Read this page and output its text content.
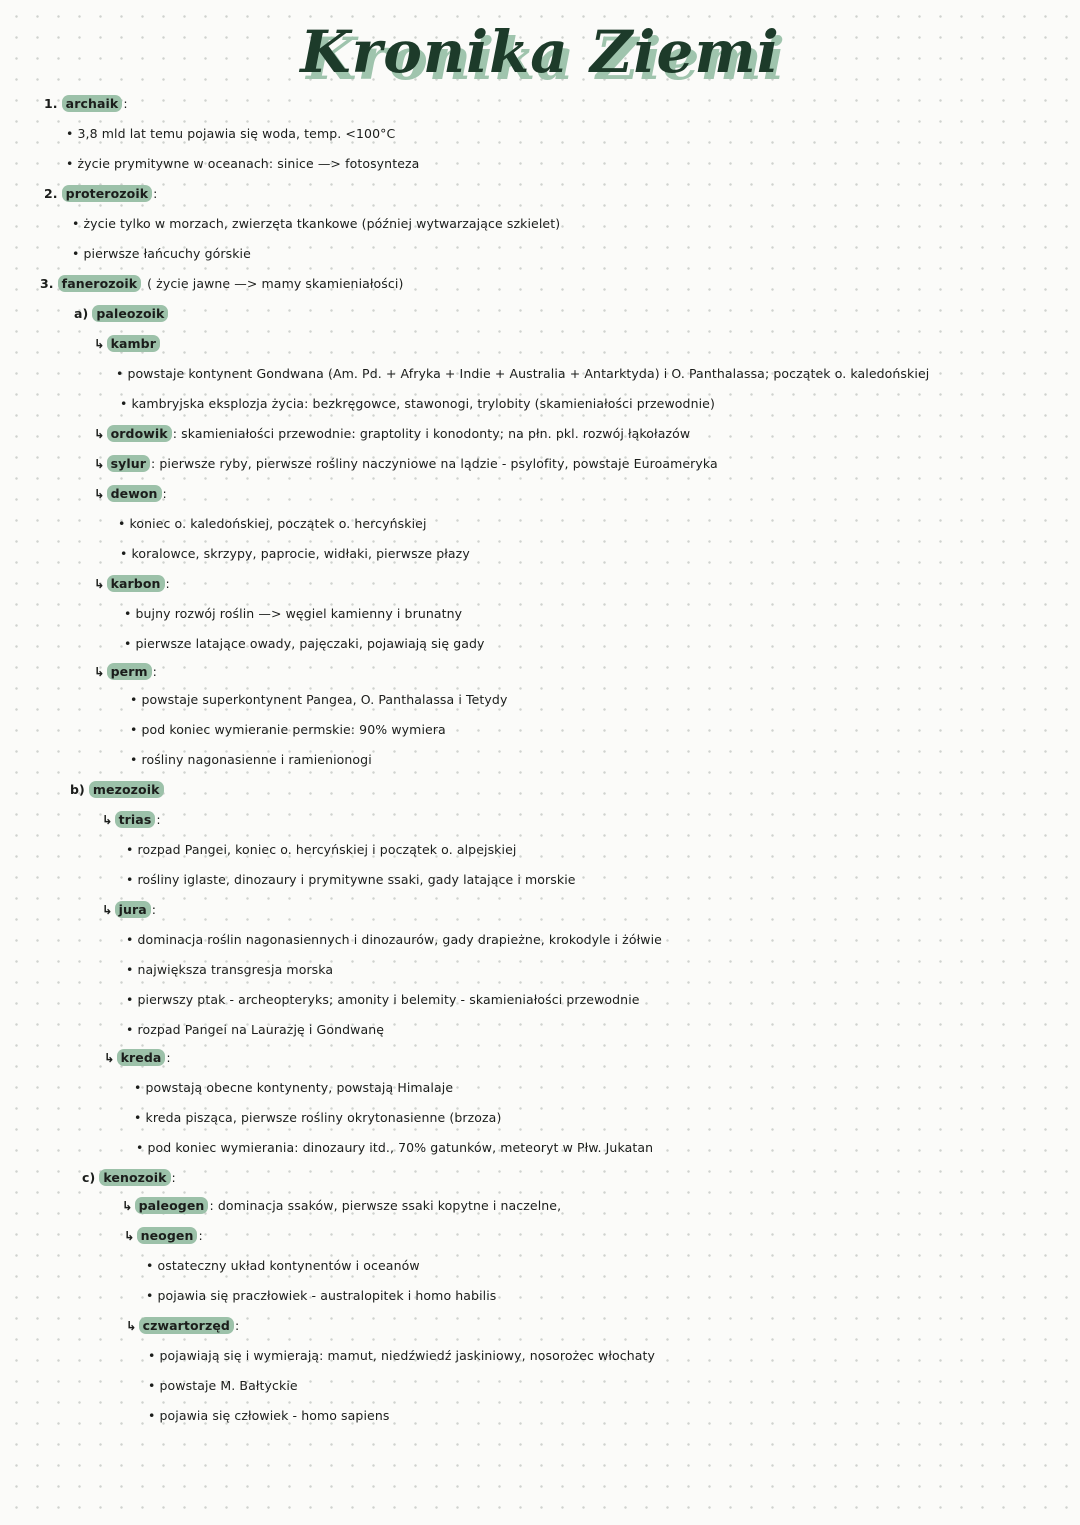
Kronika Ziemi
1. archaik :
• 3,8 mld lat temu pojawia się woda, temp. <100°C
• życie prymitywne w oceanach: sinice —> fotosynteza
2. proterozoik :
• życie tylko w morzach, zwierzęta tkankowe (później wytwarzające szkielet)
• pierwsze łańcuchy górskie
3. fanerozoik ( życie jawne —> mamy skamieniałości)
a) paleozoik
↳ kambr
• powstaje kontynent Gondwana (Am. Pd. + Afryka + Indie + Australia + Antarktyda) i O. Panthalassa; początek o. kaledońskiej
• kambryjska eksplozja życia: bezkręgowce, stawonogi, trylobity (skamieniałości przewodnie)
↳ ordowik : skamieniałości przewodnie: graptolity i konodonty; na płn. pkl. rozwój łąkołazów
↳ sylur : pierwsze ryby, pierwsze rośliny naczyniowe na lądzie - psylofity, powstaje Euroameryka
↳ dewon :
• koniec o. kaledońskiej, początek o. hercyńskiej
• koralowce, skrzypy, paprocie, widłaki, pierwsze płazy
↳ karbon :
• bujny rozwój roślin —> węgiel kamienny i brunatny
• pierwsze latające owady, pajęczaki, pojawiają się gady
↳ perm :
• powstaje superkontynent Pangea, O. Panthalassa i Tetydy
• pod koniec wymieranie permskie: 90% wymiera
• rośliny nagonasienne i ramienionogi
b) mezozoik
↳ trias :
• rozpad Pangei, koniec o. hercyńskiej i początek o. alpejskiej
• rośliny iglaste, dinozaury i prymitywne ssaki, gady latające i morskie
↳ jura :
• dominacja roślin nagonasiennych i dinozaurów, gady drapieżne, krokodyle i żółwie
• największa transgresja morska
• pierwszy ptak - archeopteryks; amonity i belemity - skamieniałości przewodnie
• rozpad Pangei na Laurazję i Gondwanę
↳ kreda :
• powstają obecne kontynenty, powstają Himalaje
• kreda pisząca, pierwsze rośliny okrytonasienne (brzoza)
• pod koniec wymierania: dinozaury itd., 70% gatunków, meteoryt w Płw. Jukatan
c) kenozoik :
↳ paleogen : dominacja ssaków, pierwsze ssaki kopytne i naczelne,
↳ neogen :
• ostateczny układ kontynentów i oceanów
• pojawia się praczłowiek - australopitek i homo habilis
↳ czwartorzęd :
• pojawiają się i wymierają: mamut, niedźwiedź jaskiniowy, nosorożec włochaty
• powstaje M. Bałtyckie
• pojawia się człowiek - homo sapiens
